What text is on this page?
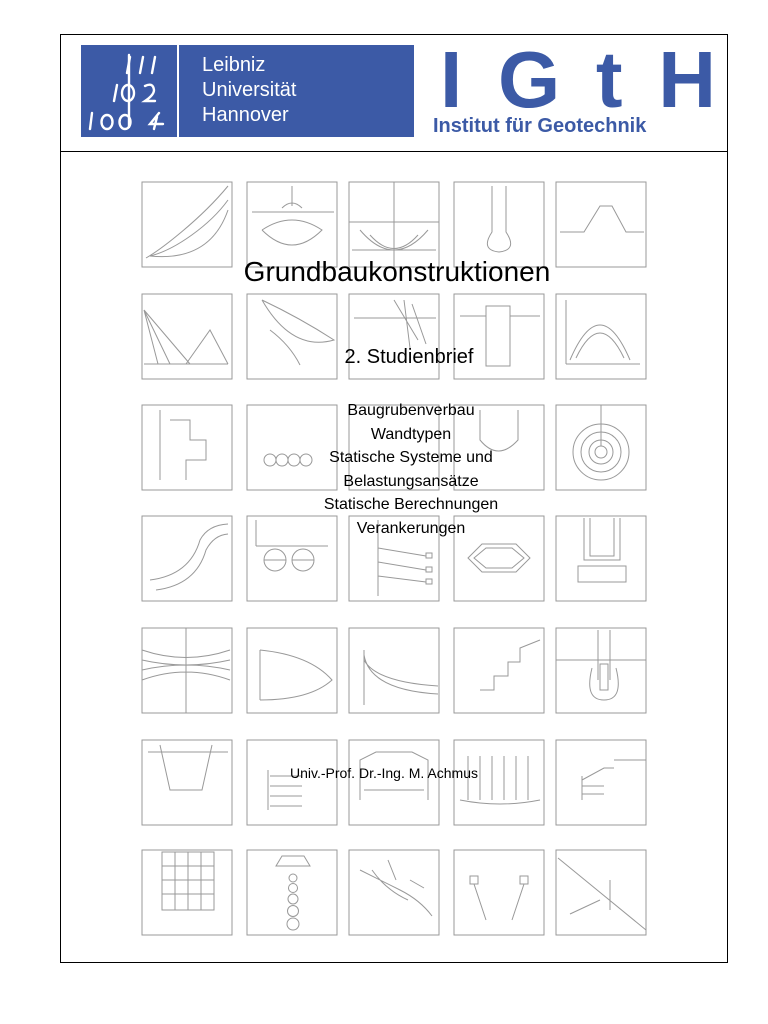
Leibniz
Universität
Hannover IGtH
Institut für Geotechnik
Grundbaukonstruktionen
2. Studienbrief
Baugrubenverbau
Wandtypen
Statische Systeme und
Belastungsansätze
Statische Berechnungen
Verankerungen
Univ.-Prof. Dr.-Ing. M. Achmus
